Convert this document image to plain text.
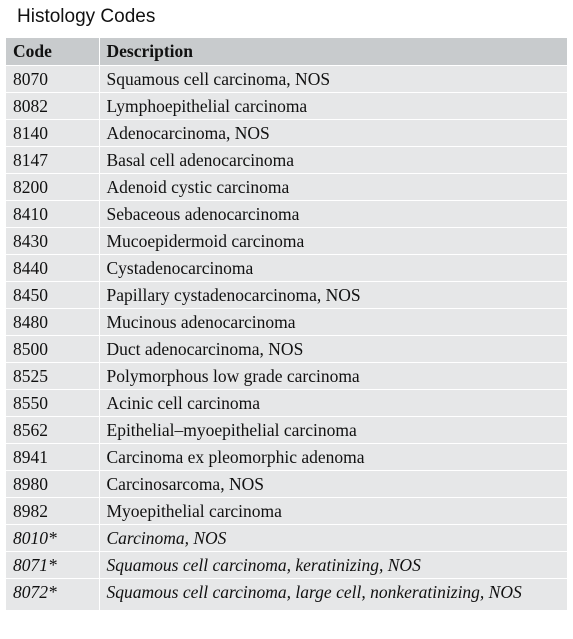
Histology Codes
Code	Description
8070	Squamous cell carcinoma, NOS
8082	Lymphoepithelial carcinoma
8140	Adenocarcinoma, NOS
8147	Basal cell adenocarcinoma
8200	Adenoid cystic carcinoma
8410	Sebaceous adenocarcinoma
8430	Mucoepidermoid carcinoma
8440	Cystadenocarcinoma
8450	Papillary cystadenocarcinoma, NOS
8480	Mucinous adenocarcinoma
8500	Duct adenocarcinoma, NOS
8525	Polymorphous low grade carcinoma
8550	Acinic cell carcinoma
8562	Epithelial–myoepithelial carcinoma
8941	Carcinoma ex pleomorphic adenoma
8980	Carcinosarcoma, NOS
8982	Myoepithelial carcinoma
8010*	Carcinoma, NOS
8071*	Squamous cell carcinoma, keratinizing, NOS
8072*	Squamous cell carcinoma, large cell, nonkeratinizing, NOS
